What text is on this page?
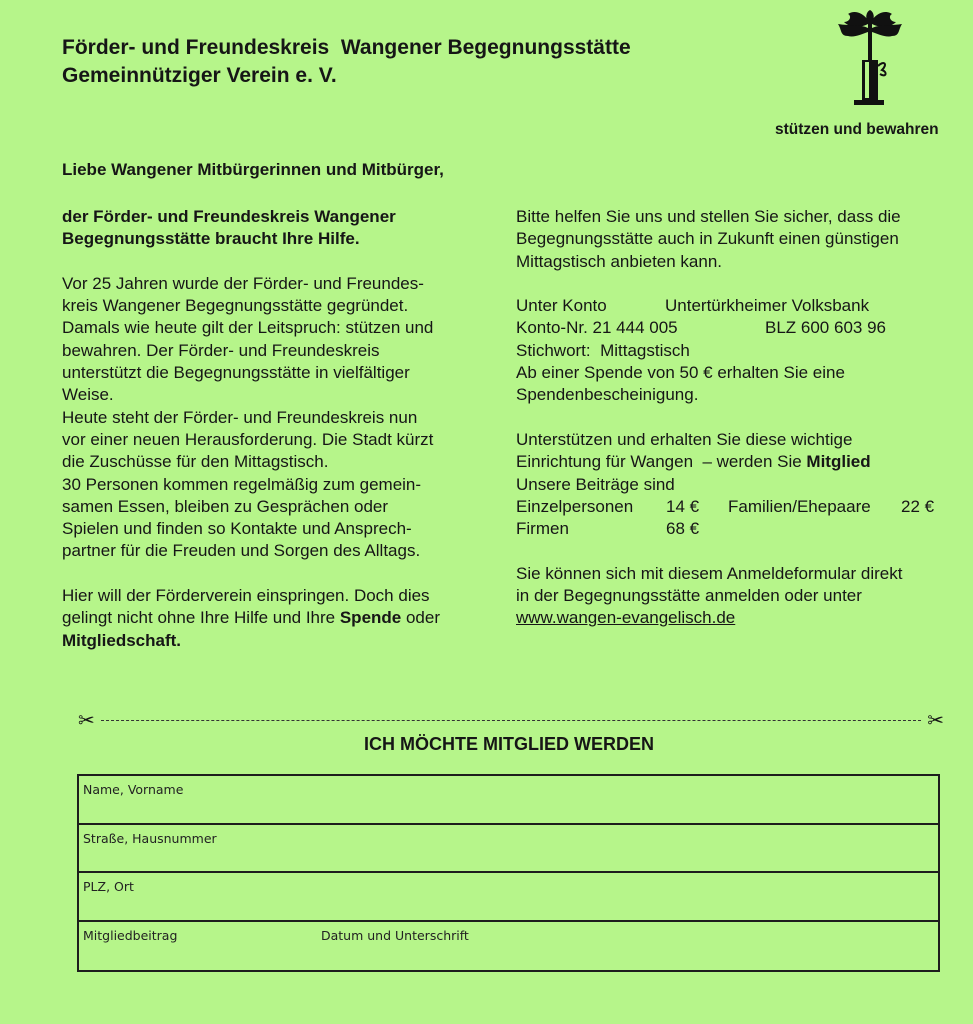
Förder- und Freundeskreis  Wangener Begegnungsstätte
Gemeinnütziger Verein e. V.
stützen und bewahren
Liebe Wangener Mitbürgerinnen und Mitbürger,

der Förder- und Freundeskreis Wangener

Begegnungsstätte braucht Ihre Hilfe.

Vor 25 Jahren wurde der Förder- und Freundes-

kreis Wangener Begegnungsstätte gegründet.

Damals wie heute gilt der Leitspruch: stützen und

bewahren. Der Förder- und Freundeskreis

unterstützt die Begegnungsstätte in vielfältiger

Weise.

Heute steht der Förder- und Freundeskreis nun

vor einer neuen Herausforderung. Die Stadt kürzt

die Zuschüsse für den Mittagstisch.

30 Personen kommen regelmäßig zum gemein-

samen Essen, bleiben zu Gesprächen oder

Spielen und finden so Kontakte und Ansprech-

partner für die Freuden und Sorgen des Alltags.

Hier will der Förderverein einspringen. Doch dies

gelingt nicht ohne Ihre Hilfe und Ihre Spende oder

Mitgliedschaft.

Bitte helfen Sie uns und stellen Sie sicher, dass die

Begegnungsstätte auch in Zukunft einen günstigen

Mittagstisch anbieten kann.

Unter Konto	Untertürkheimer Volksbank
Konto-Nr. 21 444 005	BLZ 600 603 96

Stichwort:  Mittagstisch

Ab einer Spende von 50 € erhalten Sie eine

Spendenbescheinigung.

Unterstützen und erhalten Sie diese wichtige

Einrichtung für Wangen  – werden Sie Mitglied

Unsere Beiträge sind

Einzelpersonen	14 €	Familien/Ehepaare	22 €
Firmen	68 €

Sie können sich mit diesem Anmeldeformular direkt

in der Begegnungsstätte anmelden oder unter

www.wangen-evangelisch.de

✂	✂
ICH MÖCHTE MITGLIED WERDEN
Name, Vorname
Straße, Hausnummer
PLZ, Ort
Mitgliedbeitrag	Datum und Unterschrift
